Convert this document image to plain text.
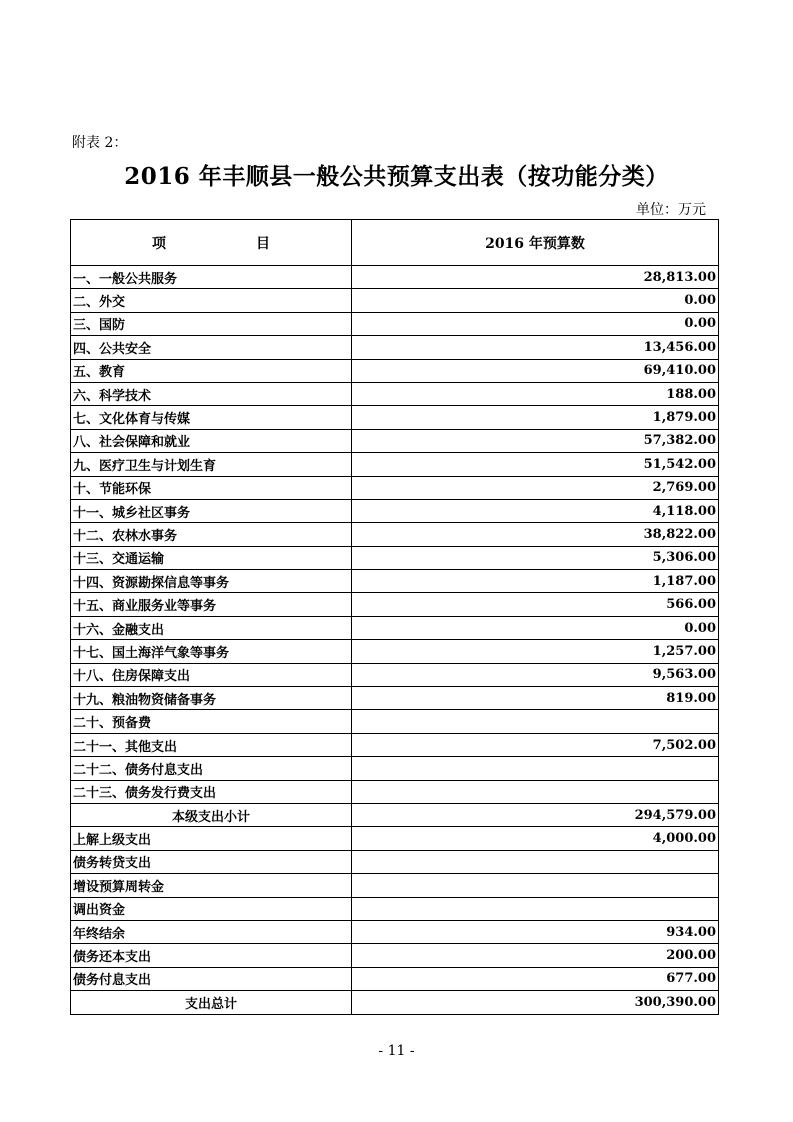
附表 2：
2016 年丰顺县一般公共预算支出表（按功能分类）
单位：万元
项 目	2016 年预算数
一、一般公共服务	28,813.00
二、外交	0.00
三、国防	0.00
四、公共安全	13,456.00
五、教育	69,410.00
六、科学技术	188.00
七、文化体育与传媒	1,879.00
八、社会保障和就业	57,382.00
九、医疗卫生与计划生育	51,542.00
十、节能环保	2,769.00
十一、城乡社区事务	4,118.00
十二、农林水事务	38,822.00
十三、交通运输	5,306.00
十四、资源勘探信息等事务	1,187.00
十五、商业服务业等事务	566.00
十六、金融支出	0.00
十七、国土海洋气象等事务	1,257.00
十八、住房保障支出	9,563.00
十九、粮油物资储备事务	819.00
二十、预备费	
二十一、其他支出	7,502.00
二十二、债务付息支出	
二十三、债务发行费支出	
本级支出小计	294,579.00
上解上级支出	4,000.00
债务转贷支出	
增设预算周转金	
调出资金	
年终结余	934.00
债务还本支出	200.00
债务付息支出	677.00
支出总计	300,390.00
- 11 -
